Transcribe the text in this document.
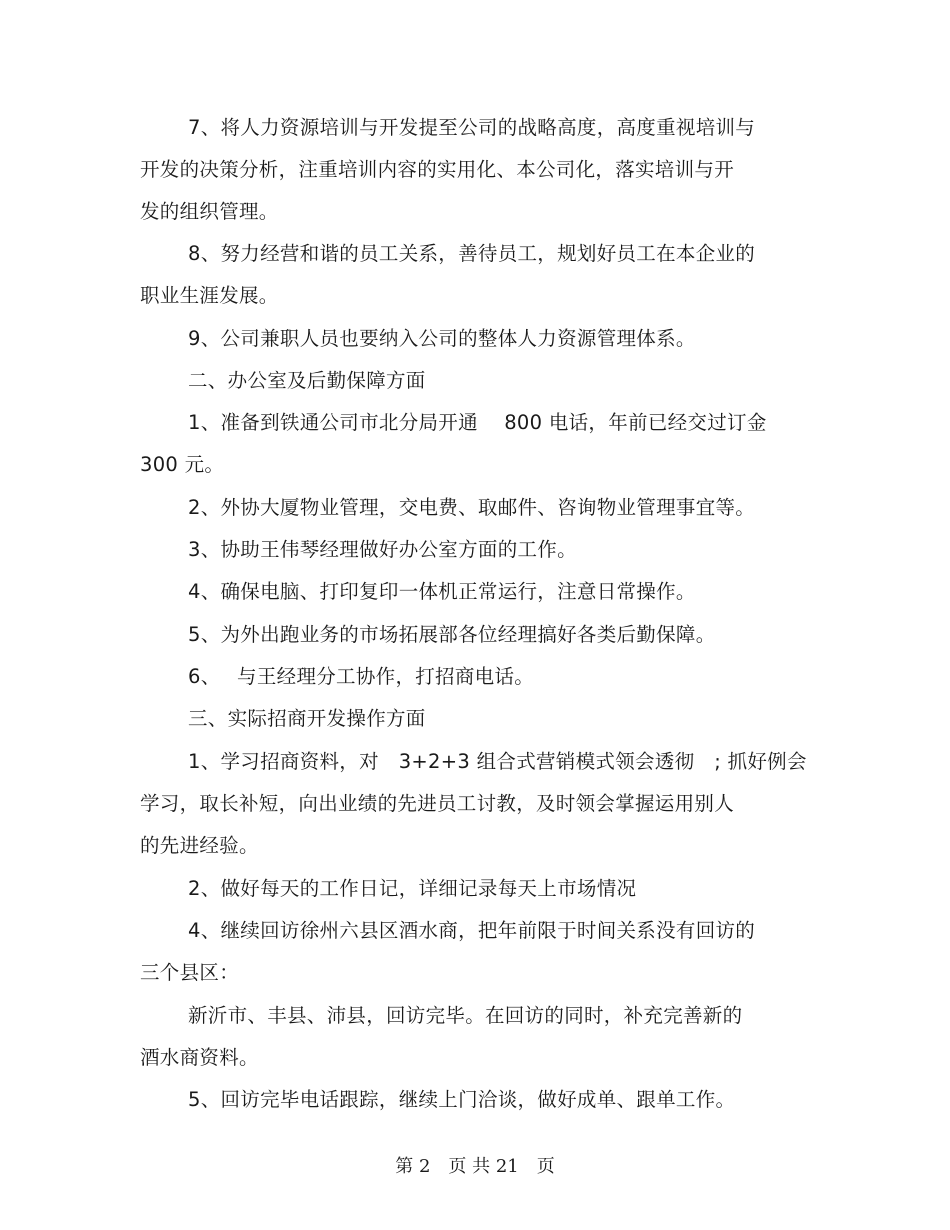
7、将人力资源培训与开发提至公司的战略高度，高度重视培训与
开发的决策分析，注重培训内容的实用化、本公司化，落实培训与开
发的组织管理。
8、努力经营和谐的员工关系，善待员工，规划好员工在本企业的
职业生涯发展。
9、公司兼职人员也要纳入公司的整体人力资源管理体系。
二、办公室及后勤保障方面
1、准备到铁通公司市北分局开通　 800 电话，年前已经交过订金
300 元。
2、外协大厦物业管理，交电费、取邮件、咨询物业管理事宜等。
3、协助王伟琴经理做好办公室方面的工作。
4、确保电脑、打印复印一体机正常运行，注意日常操作。
5、为外出跑业务的市场拓展部各位经理搞好各类后勤保障。
6、　 与王经理分工协作，打招商电话。
三、实际招商开发操作方面
1、学习招商资料，对　3+2+3 组合式营销模式领会透彻　; 抓好例会
学习，取长补短，向出业绩的先进员工讨教，及时领会掌握运用别人
的先进经验。
2、做好每天的工作日记，详细记录每天上市场情况
4、继续回访徐州六县区酒水商，把年前限于时间关系没有回访的
三个县区：
新沂市、丰县、沛县，回访完毕。在回访的同时，补充完善新的
酒水商资料。
5、回访完毕电话跟踪，继续上门洽谈，做好成单、跟单工作。
第 2　页 共 21　页
